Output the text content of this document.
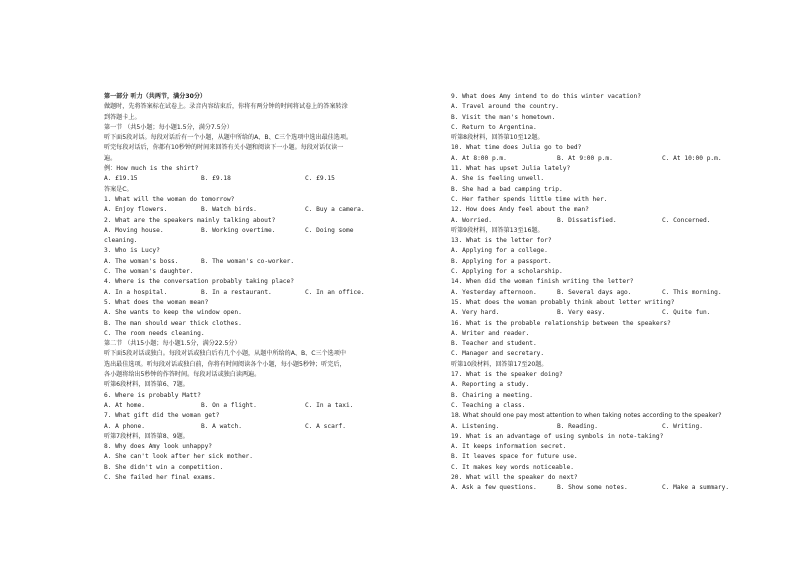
第一部分 听力（共两节，满分30分）
做题时，先将答案标在试卷上。录音内容结束后，你将有两分钟的时间将试卷上的答案转涂
到答题卡上。
第一节 （共5小题；每小题1.5分，满分7.5分）
听下面5段对话。每段对话后有一个小题，从题中所给的A、B、C三个选项中选出最佳选项。
听完每段对话后，你都有10秒钟的时间来回答有关小题和阅读下一小题。每段对话仅读一
遍。
例：How much is the shirt?
A. £19.15	B. £9.18	C. £9.15
答案是C。
1. What will the woman do tomorrow?
A. Enjoy flowers.	B. Watch birds.	C. Buy a camera.
2. What are the speakers mainly talking about?
A. Moving house.	B. Working overtime.	C. Doing some
cleaning.
3. Who is Lucy?
A. The woman's boss.	B. The woman's co-worker.
C. The woman's daughter.
4. Where is the conversation probably taking place?
A. In a hospital.	B. In a restaurant.	C. In an office.
5. What does the woman mean?
A. She wants to keep the window open.
B. The man should wear thick clothes.
C. The room needs cleaning.
第二节 （共15小题；每小题1.5分，满分22.5分）
听下面5段对话或独白。每段对话或独白后有几个小题，从题中所给的A、B、C三个选项中
选出最佳选项。听每段对话或独白前，你将有时间阅读各个小题，每小题5秒钟；听完后，
各小题将给出5秒钟的作答时间。每段对话或独白读两遍。
听第6段材料，回答第6、7题。
6. Where is probably Matt?
A. At home.	B. On a flight.	C. In a taxi.
7. What gift did the woman get?
A. A phone.	B. A watch.	C. A scarf.
听第7段材料，回答第8、9题。
8. Why does Amy look unhappy?
A. She can't look after her sick mother.
B. She didn't win a competition.
C. She failed her final exams.
9. What does Amy intend to do this winter vacation?
A. Travel around the country.
B. Visit the man's hometown.
C. Return to Argentina.
听第8段材料，回答第10至12题。
10. What time does Julia go to bed?
A. At 8:00 p.m.	B. At 9:00 p.m.	C. At 10:00 p.m.
11. What has upset Julia lately?
A. She is feeling unwell.
B. She had a bad camping trip.
C. Her father spends little time with her.
12. How does Andy feel about the man?
A. Worried.	B. Dissatisfied.	C. Concerned.
听第9段材料，回答第13至16题。
13. What is the letter for?
A. Applying for a college.
B. Applying for a passport.
C. Applying for a scholarship.
14. When did the woman finish writing the letter?
A. Yesterday afternoon.	B. Several days ago.	C. This morning.
15. What does the woman probably think about letter writing?
A. Very hard.	B. Very easy.	C. Quite fun.
16. What is the probable relationship between the speakers?
A. Writer and reader.
B. Teacher and student.
C. Manager and secretary.
听第10段材料，回答第17至20题。
17. What is the speaker doing?
A. Reporting a study.
B. Chairing a meeting.
C. Teaching a class.
18. What should one pay most attention to when taking notes according to the speaker?
A. Listening.	B. Reading.	C. Writing.
19. What is an advantage of using symbols in note-taking?
A. It keeps information secret.
B. It leaves space for future use.
C. It makes key words noticeable.
20. What will the speaker do next?
A. Ask a few questions.	B. Show some notes.	C. Make a summary.
